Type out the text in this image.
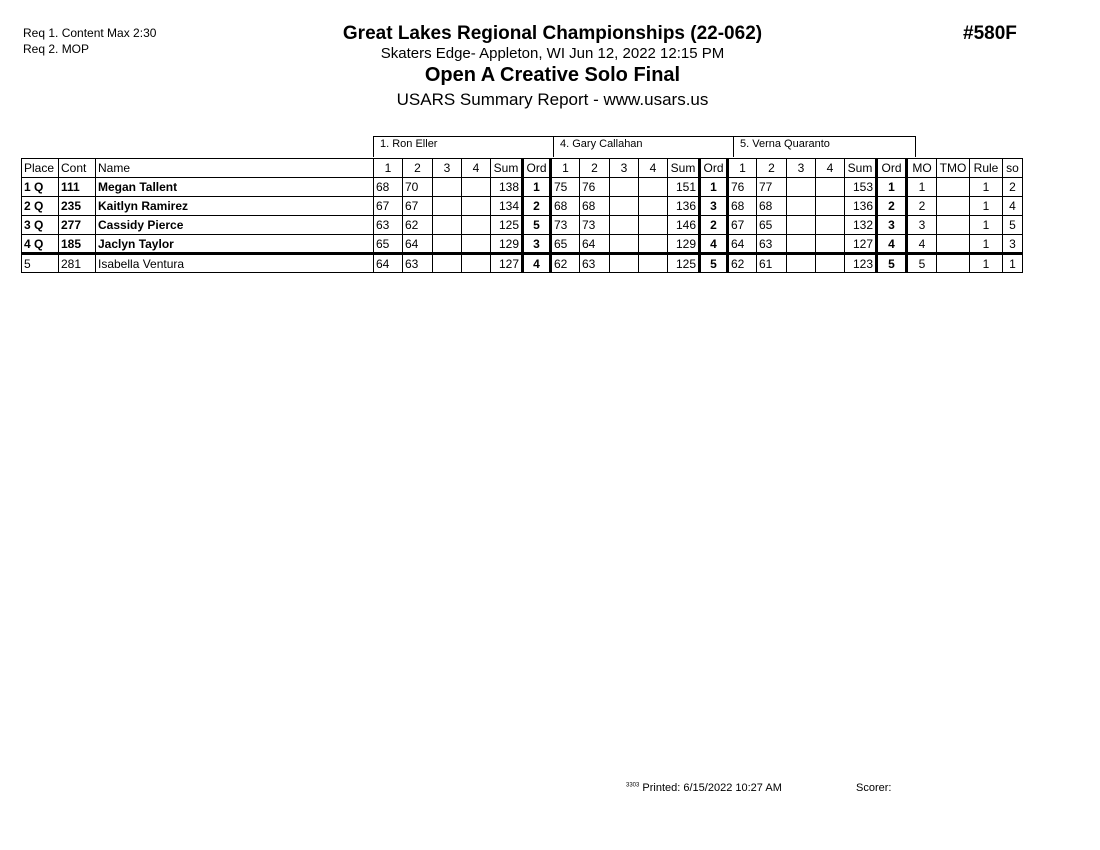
Req 1. Content Max 2:30
Req 2. MOP
Great Lakes Regional Championships (22-062)
Skaters Edge- Appleton, WI Jun 12, 2022 12:15 PM
Open A Creative Solo Final
USARS Summary Report - www.usars.us
#580F
1. Ron Eller	4. Gary Callahan	5. Verna Quaranto
Place	Cont	Name	1	2	3	4	Sum	Ord	1	2	3	4	Sum	Ord	1	2	3	4	Sum	Ord	MO	TMO	Rule	so
1 Q	111	Megan Tallent	68	70			138	1	75	76			151	1	76	77			153	1	1		1	2
2 Q	235	Kaitlyn Ramirez	67	67			134	2	68	68			136	3	68	68			136	2	2		1	4
3 Q	277	Cassidy Pierce	63	62			125	5	73	73			146	2	67	65			132	3	3		1	5
4 Q	185	Jaclyn Taylor	65	64			129	3	65	64			129	4	64	63			127	4	4		1	3
5	281	Isabella Ventura	64	63			127	4	62	63			125	5	62	61			123	5	5		1	1
$^{3303}$ Printed: 6/15/2022 10:27 AM	Scorer:
